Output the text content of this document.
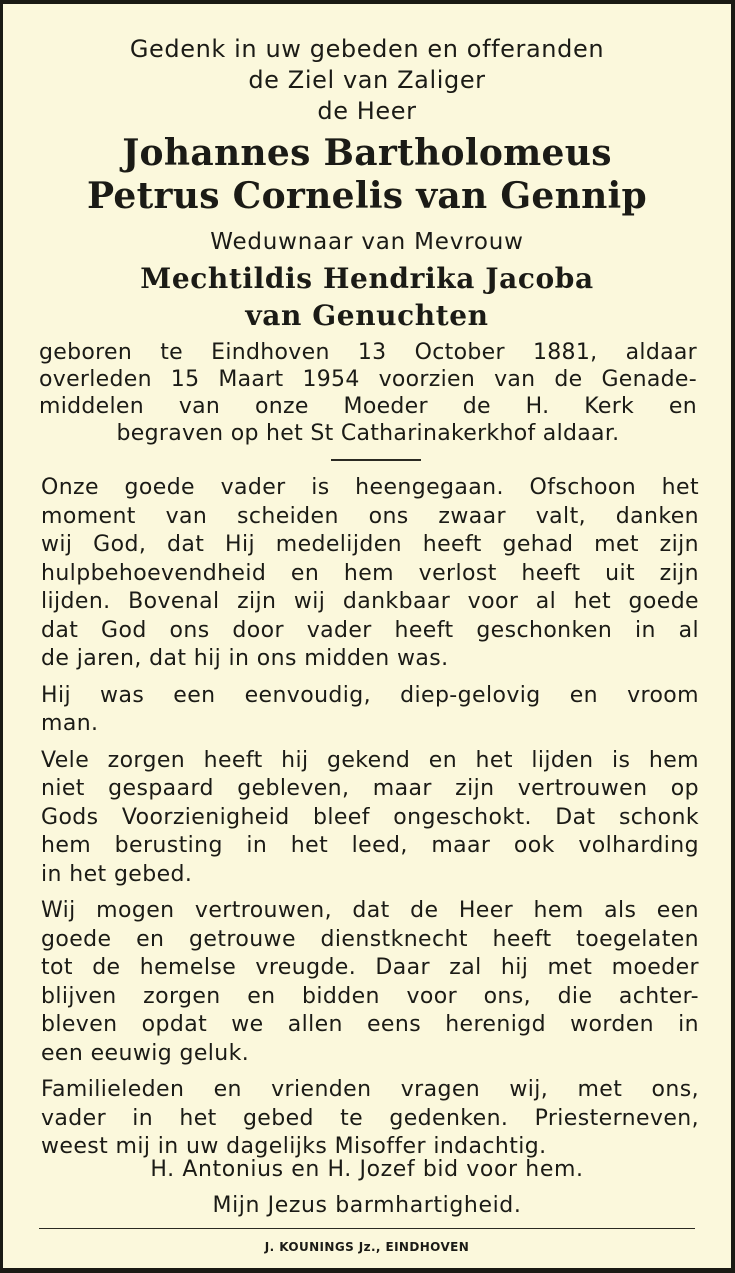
Gedenk in uw gebeden en offeranden
de Ziel van Zaliger
de Heer
Johannes Bartholomeus
Petrus Cornelis van Gennip
Weduwnaar van Mevrouw
Mechtildis Hendrika Jacoba
van Genuchten
geboren te Eindhoven 13 October 1881, aldaar
overleden 15 Maart 1954 voorzien van de Genade-
middelen van onze Moeder de H. Kerk en
begraven op het St Catharinakerkhof aldaar.
Onze goede vader is heengegaan. Ofschoon het
moment van scheiden ons zwaar valt, danken
wij God, dat Hij medelijden heeft gehad met zijn
hulpbehoevendheid en hem verlost heeft uit zijn
lijden. Bovenal zijn wij dankbaar voor al het goede
dat God ons door vader heeft geschonken in al
de jaren, dat hij in ons midden was.
Hij was een eenvoudig, diep-gelovig en vroom
man.
Vele zorgen heeft hij gekend en het lijden is hem
niet gespaard gebleven, maar zijn vertrouwen op
Gods Voorzienigheid bleef ongeschokt. Dat schonk
hem berusting in het leed, maar ook volharding
in het gebed.
Wij mogen vertrouwen, dat de Heer hem als een
goede en getrouwe dienstknecht heeft toegelaten
tot de hemelse vreugde. Daar zal hij met moeder
blijven zorgen en bidden voor ons, die achter-
bleven opdat we allen eens herenigd worden in
een eeuwig geluk.
Familieleden en vrienden vragen wij, met ons,
vader in het gebed te gedenken. Priesterneven,
weest mij in uw dagelijks Misoffer indachtig.
H. Antonius en H. Jozef bid voor hem.
Mijn Jezus barmhartigheid.
J. KOUNINGS Jz., EINDHOVEN
